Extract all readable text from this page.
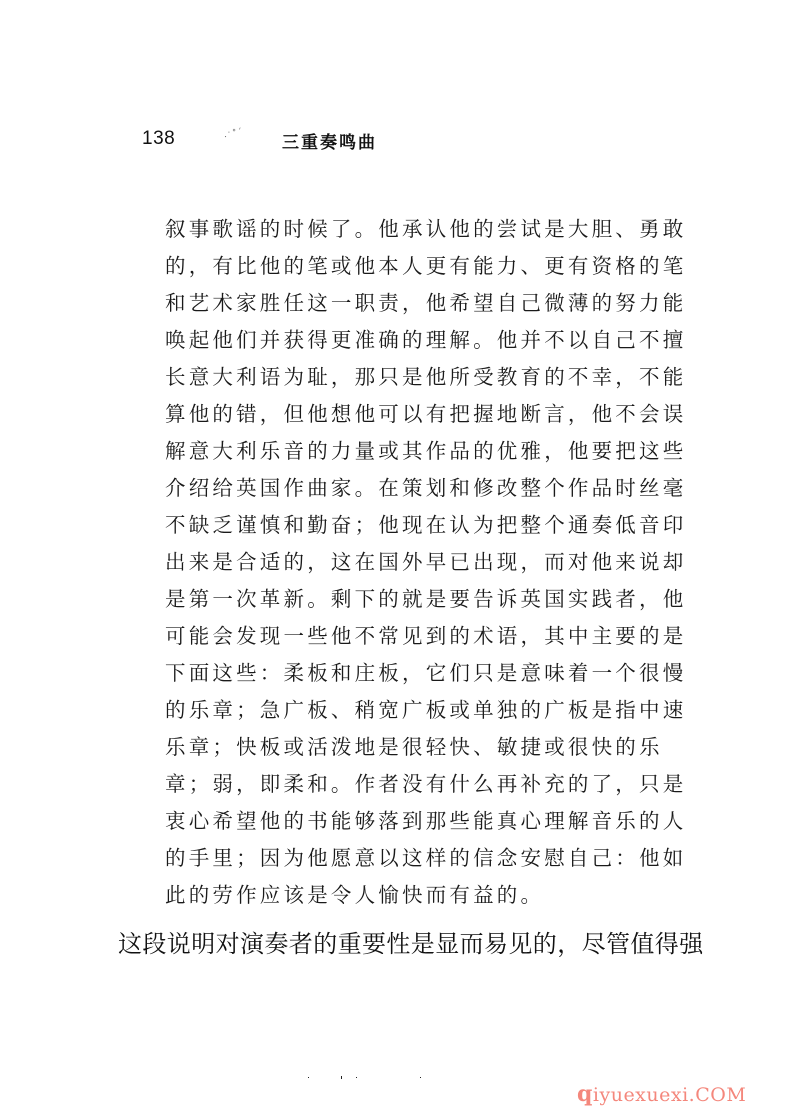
138	·˙˚´ 三重奏鸣曲
叙事歌谣的时候了。他承认他的尝试是大胆、勇敢
的，有比他的笔或他本人更有能力、更有资格的笔
和艺术家胜任这一职责，他希望自己微薄的努力能
唤起他们并获得更准确的理解。他并不以自己不擅
长意大利语为耻，那只是他所受教育的不幸，不能
算他的错，但他想他可以有把握地断言，他不会误
解意大利乐音的力量或其作品的优雅，他要把这些
介绍给英国作曲家。在策划和修改整个作品时丝毫
不缺乏谨慎和勤奋；他现在认为把整个通奏低音印
出来是合适的，这在国外早已出现，而对他来说却
是第一次革新。剩下的就是要告诉英国实践者，他
可能会发现一些他不常见到的术语，其中主要的是
下面这些：柔板和庄板，它们只是意味着一个很慢
的乐章；急广板、稍宽广板或单独的广板是指中速
乐章；快板或活泼地是很轻快、敏捷或很快的乐
章；弱，即柔和。作者没有什么再补充的了，只是
衷心希望他的书能够落到那些能真心理解音乐的人
的手里；因为他愿意以这样的信念安慰自己：他如
此的劳作应该是令人愉快而有益的。
这段说明对演奏者的重要性是显而易见的，尽管值得强
qiyuexuexi.COM
